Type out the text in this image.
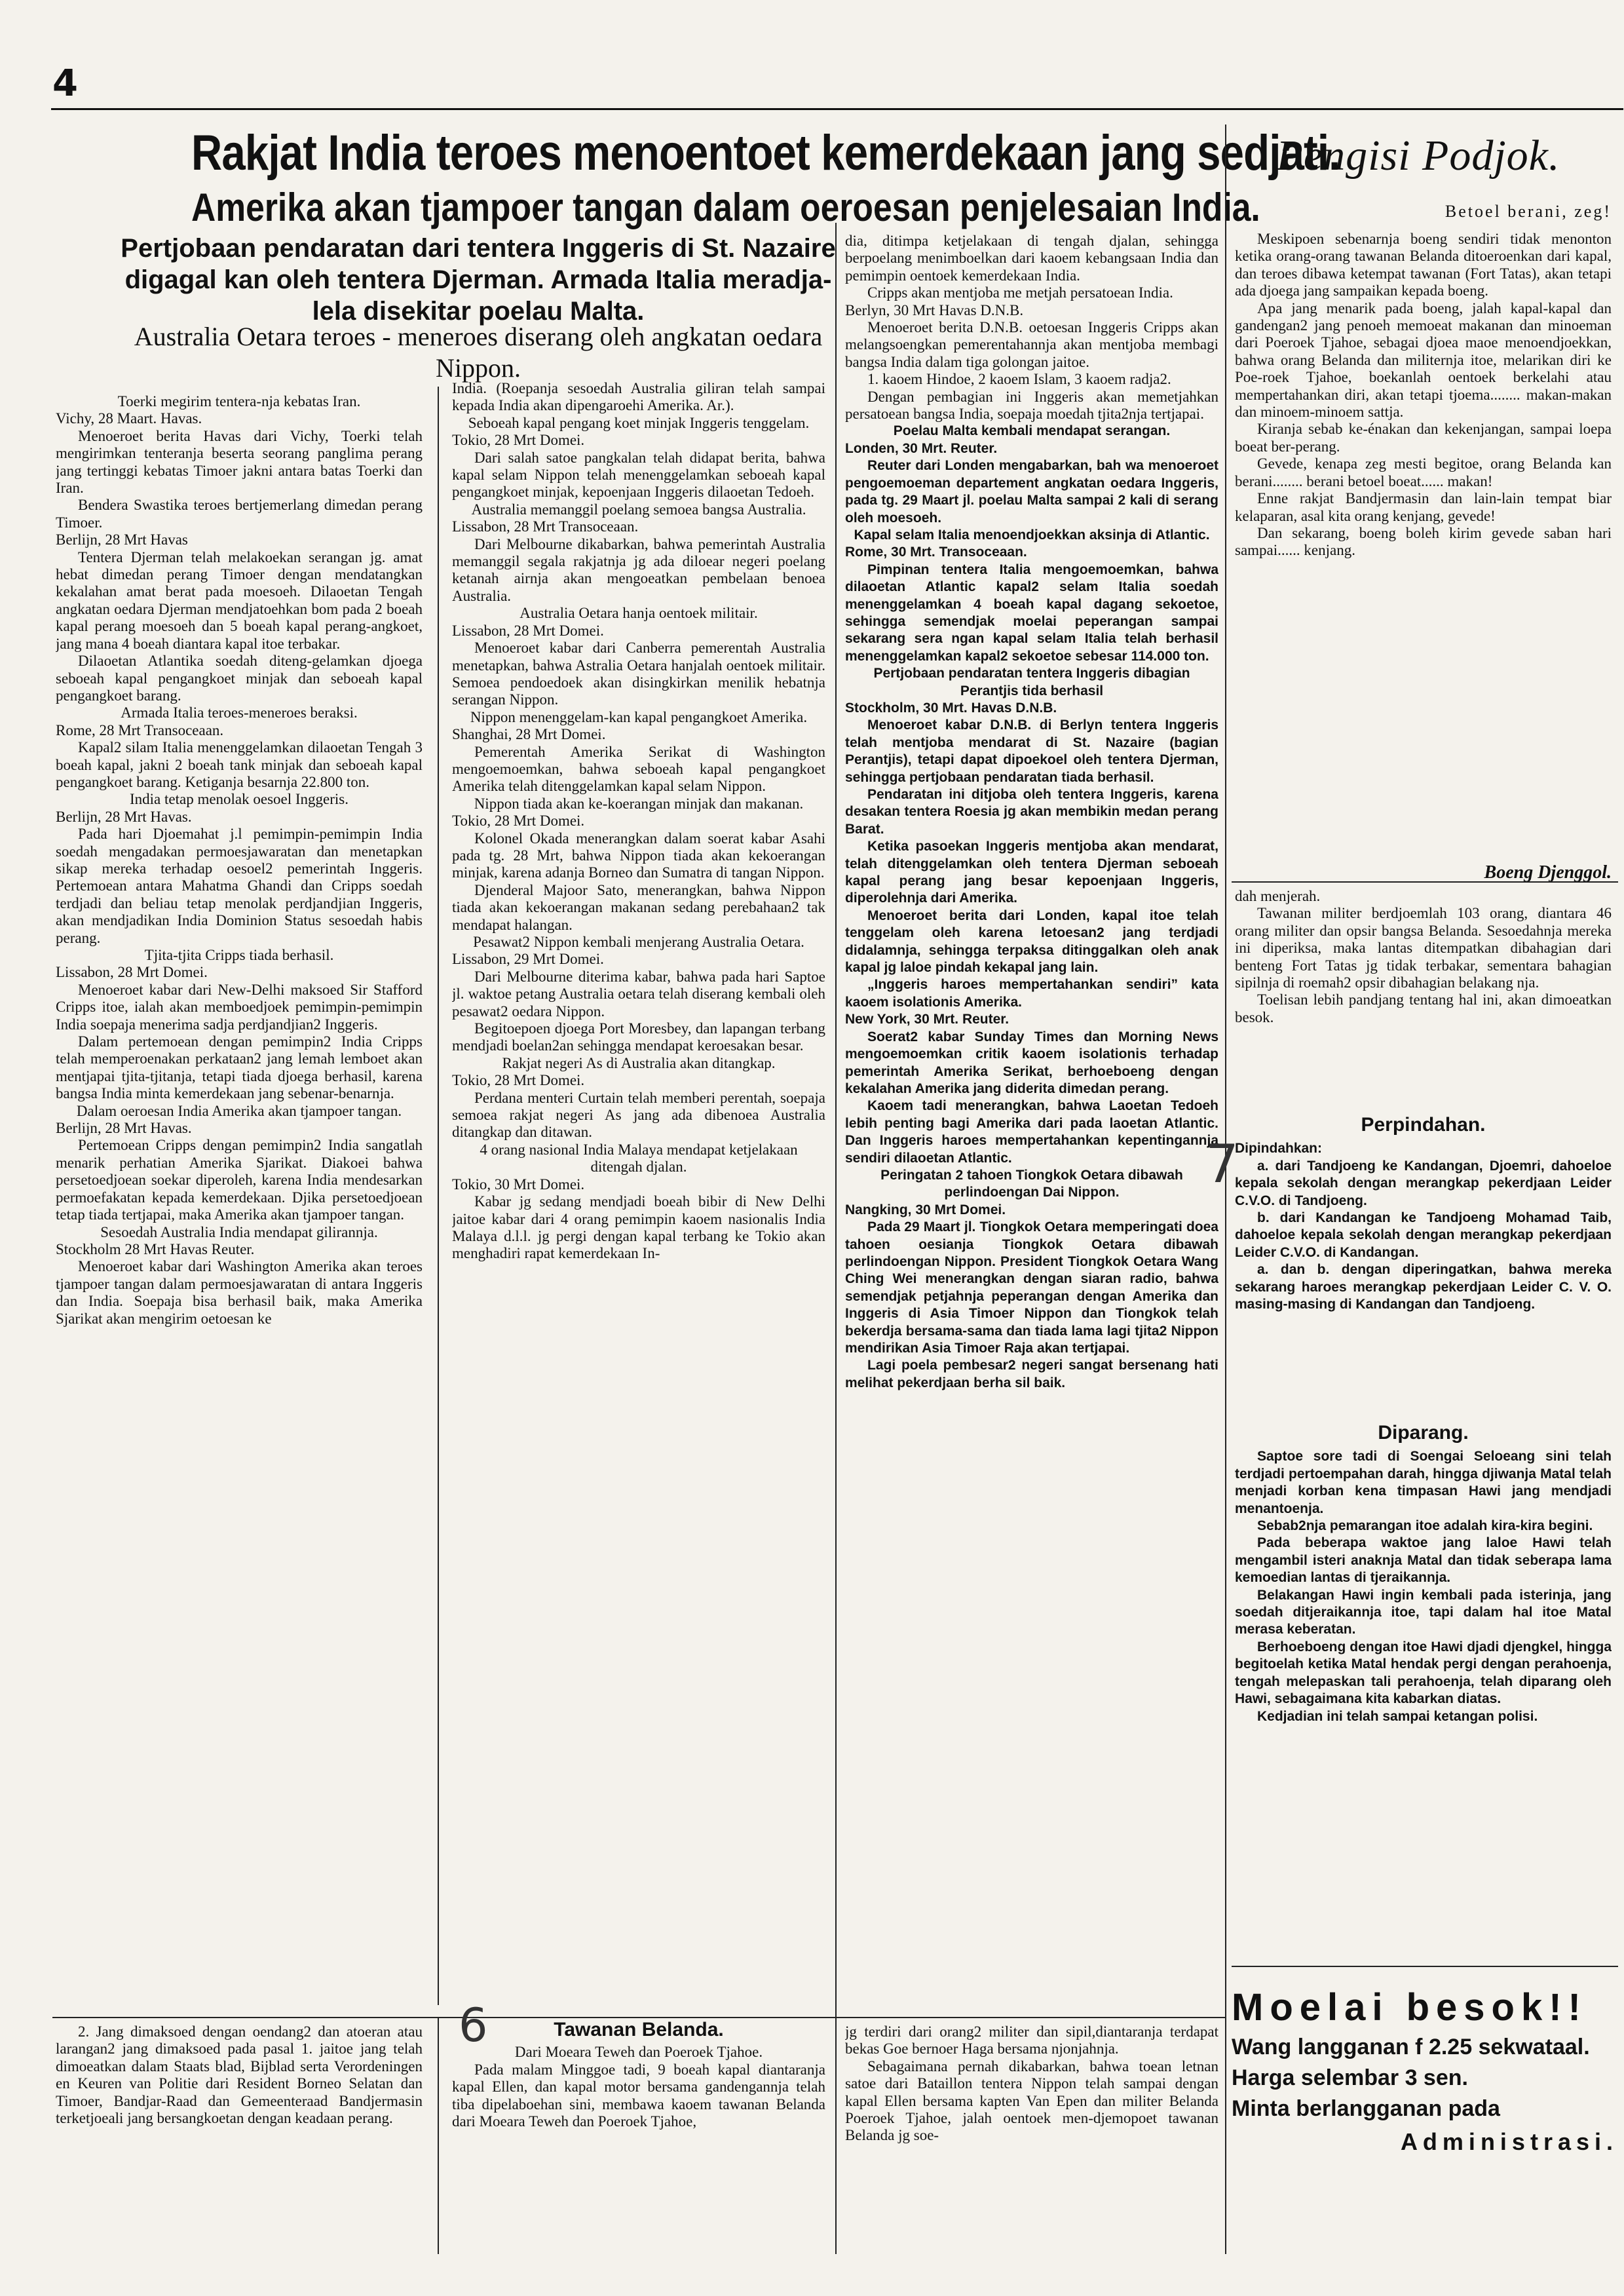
4
Rakjat India teroes menoentoet kemerdekaan jang sedjati.
Amerika akan tjampoer tangan dalam oeroesan penjelesaian India.
Pertjobaan pendaratan dari tentera Inggeris di St. Nazaire digagal kan oleh tentera Djerman. Armada Italia meradja-lela disekitar poelau Malta.
Australia Oetara teroes - meneroes diserang oleh angkatan oedara Nippon.

Toerki megirim tentera-nja kebatas Iran.

Vichy, 28 Maart. Havas.

Menoeroet berita Havas dari Vichy, Toerki telah mengirimkan tenteranja beserta seorang panglima perang jang tertinggi kebatas Timoer jakni antara batas Toerki dan Iran.

Bendera Swastika teroes bertjemerlang dimedan perang Timoer.

Berlijn, 28 Mrt Havas

Tentera Djerman telah melakoekan serangan jg. amat hebat dimedan perang Timoer dengan mendatangkan kekalahan amat berat pada moesoeh. Dilaoetan Tengah angkatan oedara Djerman mendjatoehkan bom pada 2 boeah kapal perang moesoeh dan 5 boeah kapal perang-angkoet, jang mana 4 boeah diantara kapal itoe terbakar.

Dilaoetan Atlantika soedah diteng-gelamkan djoega seboeah kapal pengangkoet minjak dan seboeah kapal pengangkoet barang.

Armada Italia teroes-meneroes beraksi.

Rome, 28 Mrt Transoceaan.

Kapal2 silam Italia menenggelamkan dilaoetan Tengah 3 boeah kapal, jakni 2 boeah tank minjak dan seboeah kapal pengangkoet barang. Ketiganja besarnja 22.800 ton.

India tetap menolak oesoel Inggeris.

Berlijn, 28 Mrt Havas.

Pada hari Djoemahat j.l pemimpin-pemimpin India soedah mengadakan permoesjawaratan dan menetapkan sikap mereka terhadap oesoel2 pemerintah Inggeris. Pertemoean antara Mahatma Ghandi dan Cripps soedah terdjadi dan beliau tetap menolak perdjandjian Inggeris, akan mendjadikan India Dominion Status sesoedah habis perang.

Tjita-tjita Cripps tiada berhasil.

Lissabon, 28 Mrt Domei.

Menoeroet kabar dari New-Delhi maksoed Sir Stafford Cripps itoe, ialah akan memboedjoek pemimpin-pemimpin India soepaja menerima sadja perdjandjian2 Inggeris.

Dalam pertemoean dengan pemimpin2 India Cripps telah memperoenakan perkataan2 jang lemah lemboet akan mentjapai tjita-tjitanja, tetapi tiada djoega berhasil, karena bangsa India minta kemerdekaan jang sebenar-benarnja.

Dalam oeroesan India Amerika akan tjampoer tangan.

Berlijn, 28 Mrt Havas.

Pertemoean Cripps dengan pemimpin2 India sangatlah menarik perhatian Amerika Sjarikat. Diakoei bahwa persetoedjoean soekar diperoleh, karena India mendesarkan permoefakatan kepada kemerdekaan. Djika persetoedjoean tetap tiada tertjapai, maka Amerika akan tjampoer tangan.

Sesoedah Australia India mendapat gilirannja.

Stockholm 28 Mrt Havas Reuter.

Menoeroet kabar dari Washington Amerika akan teroes tjampoer tangan dalam permoesjawaratan di antara Inggeris dan India. Soepaja bisa berhasil baik, maka Amerika Sjarikat akan mengirim oetoesan ke

India. (Roepanja sesoedah Australia giliran telah sampai kepada India akan dipengaroehi Amerika. Ar.).

Seboeah kapal pengang koet minjak Inggeris tenggelam.

Tokio, 28 Mrt Domei.

Dari salah satoe pangkalan telah didapat berita, bahwa kapal selam Nippon telah menenggelamkan seboeah kapal pengangkoet minjak, kepoenjaan Inggeris dilaoetan Tedoeh.

Australia memanggil poelang semoea bangsa Australia.

Lissabon, 28 Mrt Transoceaan.

Dari Melbourne dikabarkan, bahwa pemerintah Australia memanggil segala rakjatnja jg ada diloear negeri poelang ketanah airnja akan mengoeatkan pembelaan benoea Australia.

Australia Oetara hanja oentoek militair.

Lissabon, 28 Mrt Domei.

Menoeroet kabar dari Canberra pemerentah Australia menetapkan, bahwa Astralia Oetara hanjalah oentoek militair. Semoea pendoedoek akan disingkirkan menilik hebatnja serangan Nippon.

Nippon menenggelam-kan kapal pengangkoet Amerika.

Shanghai, 28 Mrt Domei.

Pemerentah Amerika Serikat di Washington mengoemoemkan, bahwa seboeah kapal pengangkoet Amerika telah ditenggelamkan kapal selam Nippon.

Nippon tiada akan ke-koerangan minjak dan makanan.

Tokio, 28 Mrt Domei.

Kolonel Okada menerangkan dalam soerat kabar Asahi pada tg. 28 Mrt, bahwa Nippon tiada akan kekoerangan minjak, karena adanja Borneo dan Sumatra di tangan Nippon.

Djenderal Majoor Sato, menerangkan, bahwa Nippon tiada akan kekoerangan makanan sedang perebahaan2 tak mendapat halangan.

Pesawat2 Nippon kembali menjerang Australia Oetara.

Lissabon, 29 Mrt Domei.

Dari Melbourne diterima kabar, bahwa pada hari Saptoe jl. waktoe petang Australia oetara telah diserang kembali oleh pesawat2 oedara Nippon.

Begitoepoen djoega Port Moresbey, dan lapangan terbang mendjadi boelan2an sehingga mendapat keroesakan besar.

Rakjat negeri As di Australia akan ditangkap.

Tokio, 28 Mrt Domei.

Perdana menteri Curtain telah memberi perentah, soepaja semoea rakjat negeri As jang ada dibenoea Australia ditangkap dan ditawan.

4 orang nasional India Malaya mendapat ketjelakaan ditengah djalan.

Tokio, 30 Mrt Domei.

Kabar jg sedang mendjadi boeah bibir di New Delhi jaitoe kabar dari 4 orang pemimpin kaoem nasionalis India Malaya d.l.l. jg pergi dengan kapal terbang ke Tokio akan menghadiri rapat kemerdekaan In-

dia, ditimpa ketjelakaan di tengah djalan, sehingga berpoelang menimboelkan dari kaoem kebangsaan India dan pemimpin oentoek kemerdekaan India.

Cripps akan mentjoba me metjah persatoean India.

Berlyn, 30 Mrt Havas D.N.B.

Menoeroet berita D.N.B. oetoesan Inggeris Cripps akan melangsoengkan pemerentahannja akan mentjoba membagi bangsa India dalam tiga golongan jaitoe.

1. kaoem Hindoe, 2 kaoem Islam, 3 kaoem radja2.

Dengan pembagian ini Inggeris akan memetjahkan persatoean bangsa India, soepaja moedah tjita2nja tertjapai.

Poelau Malta kembali mendapat serangan.

Londen, 30 Mrt. Reuter.

Reuter dari Londen mengabarkan, bah wa menoeroet pengoemoeman departement angkatan oedara Inggeris, pada tg. 29 Maart jl. poelau Malta sampai 2 kali di serang oleh moesoeh.

Kapal selam Italia menoendjoekkan aksinja di Atlantic.

Rome, 30 Mrt. Transoceaan.

Pimpinan tentera Italia mengoemoemkan, bahwa dilaoetan Atlantic kapal2 selam Italia soedah menenggelamkan 4 boeah kapal dagang sekoetoe, sehingga semendjak moelai peperangan sampai sekarang sera ngan kapal selam Italia telah berhasil menenggelamkan kapal2 sekoetoe sebesar 114.000 ton.

Pertjobaan pendaratan tentera Inggeris dibagian Perantjis tida berhasil

Stockholm, 30 Mrt. Havas D.N.B.

Menoeroet kabar D.N.B. di Berlyn tentera Inggeris telah mentjoba mendarat di St. Nazaire (bagian Perantjis), tetapi dapat dipoekoel oleh tentera Djerman, sehingga pertjobaan pendaratan tiada berhasil.

Pendaratan ini ditjoba oleh tentera Inggeris, karena desakan tentera Roesia jg akan membikin medan perang Barat.

Ketika pasoekan Inggeris mentjoba akan mendarat, telah ditenggelamkan oleh tentera Djerman seboeah kapal perang jang besar kepoenjaan Inggeris, diperolehnja dari Amerika.

Menoeroet berita dari Londen, kapal itoe telah tenggelam oleh karena letoesan2 jang terdjadi didalamnja, sehingga terpaksa ditinggalkan oleh anak kapal jg laloe pindah kekapal jang lain.

„Inggeris haroes mempertahankan sendiri” kata kaoem isolationis Amerika.

New York, 30 Mrt. Reuter.

Soerat2 kabar Sunday Times dan Morning News mengoemoemkan critik kaoem isolationis terhadap pemerintah Amerika Serikat, berhoeboeng dengan kekalahan Amerika jang diderita dimedan perang.

Kaoem tadi menerangkan, bahwa Laoetan Tedoeh lebih penting bagi Amerika dari pada laoetan Atlantic. Dan Inggeris haroes mempertahankan kepentingannja sendiri dilaoetan Atlantic.

Peringatan 2 tahoen Tiongkok Oetara dibawah perlindoengan Dai Nippon.

Nangking, 30 Mrt Domei.

Pada 29 Maart jl. Tiongkok Oetara memperingati doea tahoen oesianja Tiongkok Oetara dibawah perlindoengan Nippon. President Tiongkok Oetara Wang Ching Wei menerangkan dengan siaran radio, bahwa semendjak petjahnja peperangan dengan Amerika dan Inggeris di Asia Timoer Nippon dan Tiongkok telah bekerdja bersama-sama dan tiada lama lagi tjita2 Nippon mendirikan Asia Timoer Raja akan tertjapai.

Lagi poela pembesar2 negeri sangat bersenang hati melihat pekerdjaan berha sil baik.

Pengisi Podjok.
Betoel berani, zeg!

Meskipoen sebenarnja boeng sendiri tidak menonton ketika orang-orang tawanan Belanda ditoeroenkan dari kapal, dan teroes dibawa ketempat tawanan (Fort Tatas), akan tetapi ada djoega jang sampaikan kepada boeng.

Apa jang menarik pada boeng, jalah kapal-kapal dan gandengan2 jang penoeh memoeat makanan dan minoeman dari Poeroek Tjahoe, sebagai djoea maoe menoendjoekkan, bahwa orang Belanda dan militernja itoe, melarikan diri ke Poe-roek Tjahoe, boekanlah oentoek berkelahi atau mempertahankan diri, akan tetapi tjoema........ makan-makan dan minoem-minoem sattja.

Kiranja sebab ke-énakan dan kekenjangan, sampai loepa boeat ber-perang.

Gevede, kenapa zeg mesti begitoe, orang Belanda kan berani........ berani betoel boeat...... makan!

Enne rakjat Bandjermasin dan lain-lain tempat biar kelaparan, asal kita orang kenjang, gevede!

Dan sekarang, boeng boleh kirim gevede saban hari sampai...... kenjang.

Boeng Djenggol.

dah menjerah.

Tawanan militer berdjoemlah 103 orang, diantara 46 orang militer dan opsir bangsa Belanda. Sesoedahnja mereka ini diperiksa, maka lantas ditempatkan dibahagian dari benteng Fort Tatas jg tidak terbakar, sementara bahagian sipilnja di roemah2 opsir dibahagian belakang nja.

Toelisan lebih pandjang tentang hal ini, akan dimoeatkan besok.

Perpindahan.

Dipindahkan:

a. dari Tandjoeng ke Kandangan, Djoemri, dahoeloe kepala sekolah dengan merangkap pekerdjaan Leider C.V.O. di Tandjoeng.

b. dari Kandangan ke Tandjoeng Mohamad Taib, dahoeloe kepala sekolah dengan merangkap pekerdjaan Leider C.V.O. di Kandangan.

a. dan b. dengan diperingatkan, bahwa mereka sekarang haroes merangkap pekerdjaan Leider C. V. O. masing-masing di Kandangan dan Tandjoeng.

Diparang.

Saptoe sore tadi di Soengai Seloeang sini telah terdjadi pertoempahan darah, hingga djiwanja Matal telah menjadi korban kena timpasan Hawi jang mendjadi menantoenja.

Sebab2nja pemarangan itoe adalah kira-kira begini.

Pada beberapa waktoe jang laloe Hawi telah mengambil isteri anaknja Matal dan tidak seberapa lama kemoedian lantas di tjeraikannja.

Belakangan Hawi ingin kembali pada isterinja, jang soedah ditjeraikannja itoe, tapi dalam hal itoe Matal merasa keberatan.

Berhoeboeng dengan itoe Hawi djadi djengkel, hingga begitoelah ketika Matal hendak pergi dengan perahoenja, tengah melepaskan tali perahoenja, telah diparang oleh Hawi, sebagaimana kita kabarkan diatas.

Kedjadian ini telah sampai ketangan polisi.

Moelai besok!!
Wang langganan f 2.25 sekwataal.
Harga selembar 3 sen.
Minta berlangganan pada
Administrasi.

2. Jang dimaksoed dengan oendang2 dan atoeran atau larangan2 jang dimaksoed pada pasal 1. jaitoe jang telah dimoeatkan dalam Staats blad, Bijblad serta Verordeningen en Keuren van Politie dari Resident Borneo Selatan dan Timoer, Bandjar-Raad dan Gemeenteraad Bandjermasin terketjoeali jang bersangkoetan dengan keadaan perang.

Tawanan Belanda.

Dari Moeara Teweh dan Poeroek Tjahoe.

Pada malam Minggoe tadi, 9 boeah kapal diantaranja kapal Ellen, dan kapal motor bersama gandengannja telah tiba dipelaboehan sini, membawa kaoem tawanan Belanda dari Moeara Teweh dan Poeroek Tjahoe,

jg terdiri dari orang2 militer dan sipil,diantaranja terdapat bekas Goe bernoer Haga bersama njonjahnja.

Sebagaimana pernah dikabarkan, bahwa toean letnan satoe dari Bataillon tentera Nippon telah sampai dengan kapal Ellen bersama kapten Van Epen dan militer Belanda Poeroek Tjahoe, jalah oentoek men-djemopoet tawanan Belanda jg soe-

7
6
